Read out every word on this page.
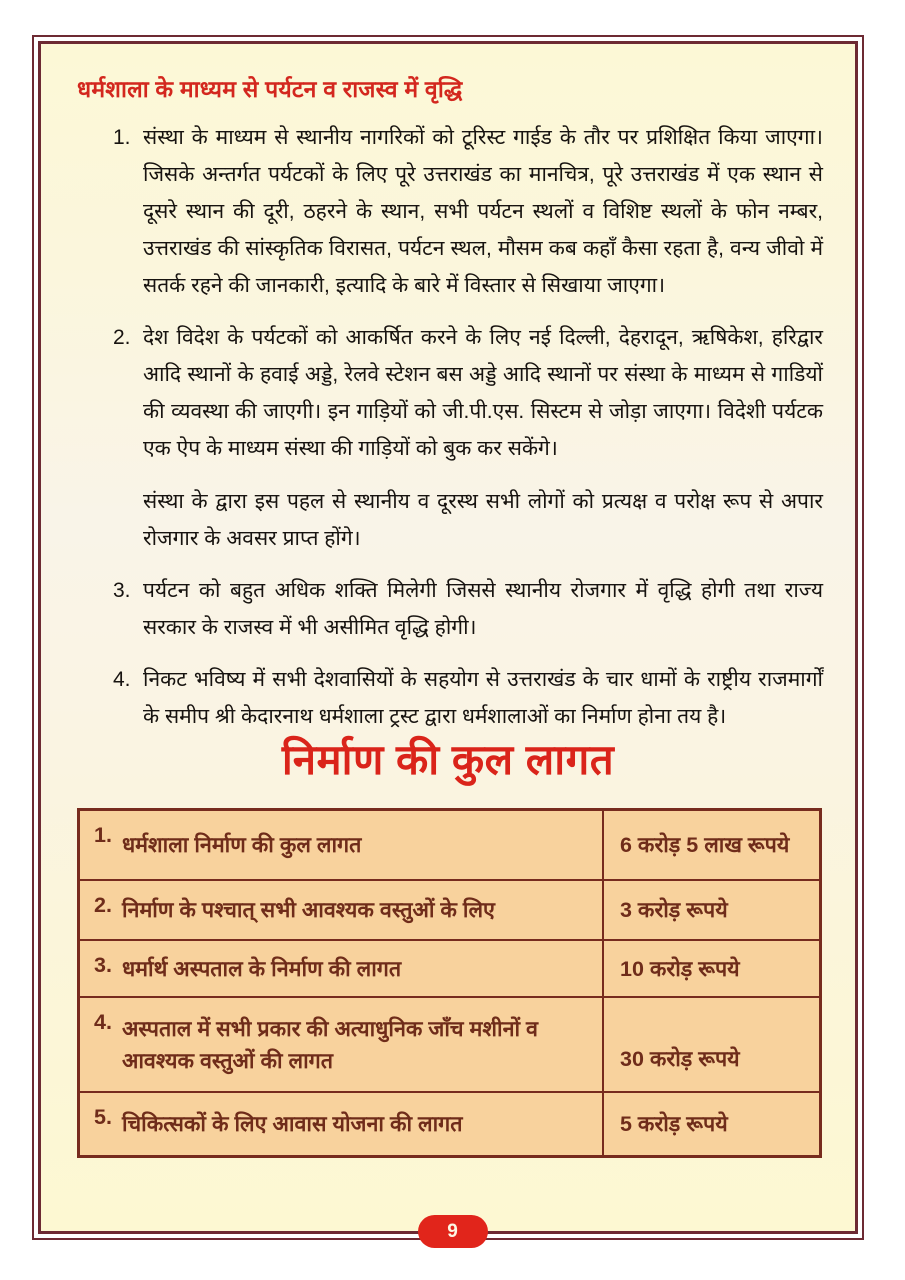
धर्मशाला के माध्यम से पर्यटन व राजस्व में वृद्धि
1. संस्था के माध्यम से स्थानीय नागरिकों को टूरिस्ट गाईड के तौर पर प्रशिक्षित किया जाएगा। जिसके अन्तर्गत पर्यटकों के लिए पूरे उत्तराखंड का मानचित्र, पूरे उत्तराखंड में एक स्थान से दूसरे स्थान की दूरी, ठहरने के स्थान, सभी पर्यटन स्थलों व विशिष्ट स्थलों के फोन नम्बर, उत्तराखंड की सांस्कृतिक विरासत, पर्यटन स्थल, मौसम कब कहाँ कैसा रहता है, वन्य जीवो में सतर्क रहने की जानकारी, इत्यादि के बारे में विस्तार से सिखाया जाएगा।
2. देश विदेश के पर्यटकों को आकर्षित करने के लिए नई दिल्ली, देहरादून, ऋषिकेश, हरिद्वार आदि स्थानों के हवाई अड्डे, रेलवे स्टेशन बस अड्डे आदि स्थानों पर संस्था के माध्यम से गाडियों की व्यवस्था की जाएगी। इन गाड़ियों को जी.पी.एस. सिस्टम से जोड़ा जाएगा। विदेशी पर्यटक एक ऐप के माध्यम संस्था की गाड़ियों को बुक कर सकेंगे।

संस्था के द्वारा इस पहल से स्थानीय व दूरस्थ सभी लोगों को प्रत्यक्ष व परोक्ष रूप से अपार रोजगार के अवसर प्राप्त होंगे।

3. पर्यटन को बहुत अधिक शक्ति मिलेगी जिससे स्थानीय रोजगार में वृद्धि होगी तथा राज्य सरकार के राजस्व में भी असीमित वृद्धि होगी।
4. निकट भविष्य में सभी देशवासियों के सहयोग से उत्तराखंड के चार धामों के राष्ट्रीय राजमार्गों के समीप श्री केदारनाथ धर्मशाला ट्रस्ट द्वारा धर्मशालाओं का निर्माण होना तय है।
निर्माण की कुल लागत
1. धर्मशाला निर्माण की कुल लागत	6 करोड़ 5 लाख रूपये
2. निर्माण के पश्चात् सभी आवश्यक वस्तुओं के लिए	3 करोड़ रूपये
3. धर्मार्थ अस्पताल के निर्माण की लागत	10 करोड़ रूपये
4. अस्पताल में सभी प्रकार की अत्याधुनिक जाँच मशीनों व आवश्यक वस्तुओं की लागत	30 करोड़ रूपये
5. चिकित्सकों के लिए आवास योजना की लागत	5 करोड़ रूपये
9
